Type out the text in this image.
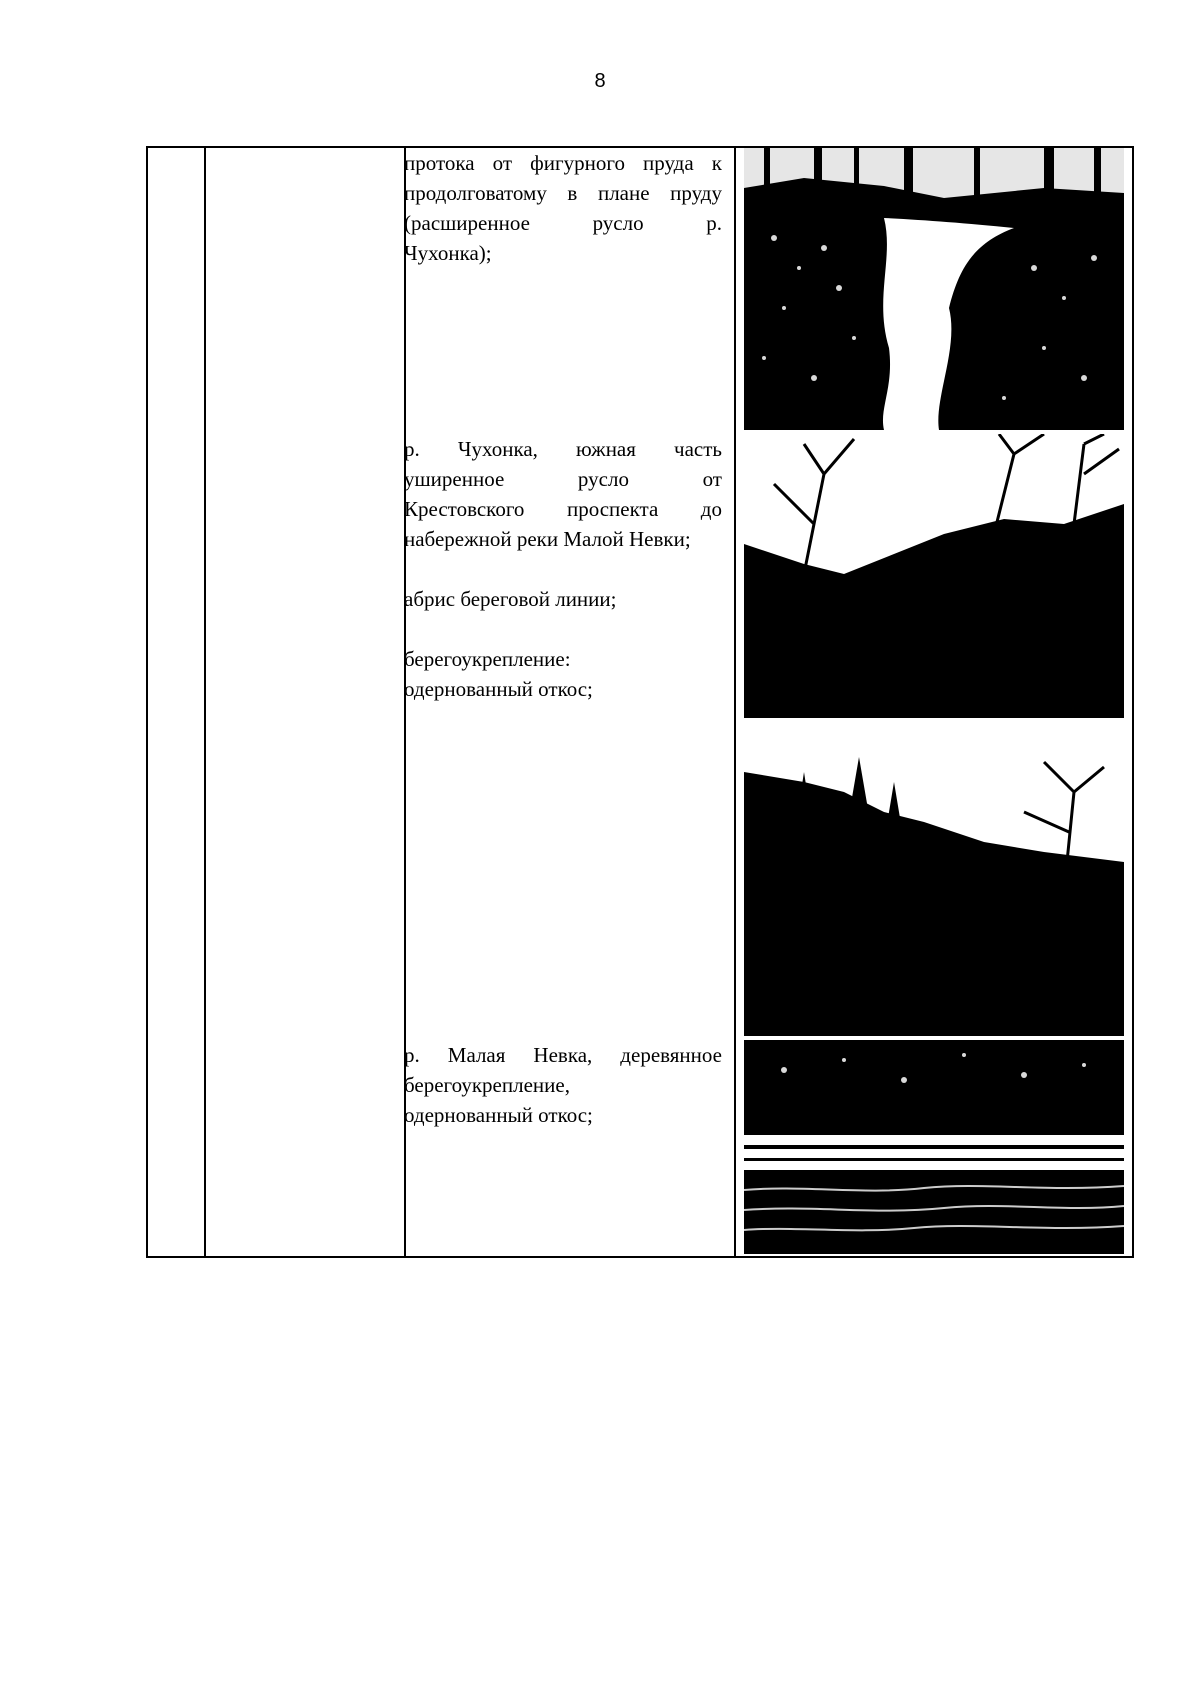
8

протока от фигурного пруда к

продолговатому в плане пруду

(расширенное русло р.

Чухонка);

р. Чухонка, южная часть

уширенное русло от

Крестовского проспекта до

набережной реки Малой Невки;

абрис береговой линии;

берегоукрепление:

одернованный откос;

р. Малая Невка, деревянное

берегоукрепление,

одернованный откос;
